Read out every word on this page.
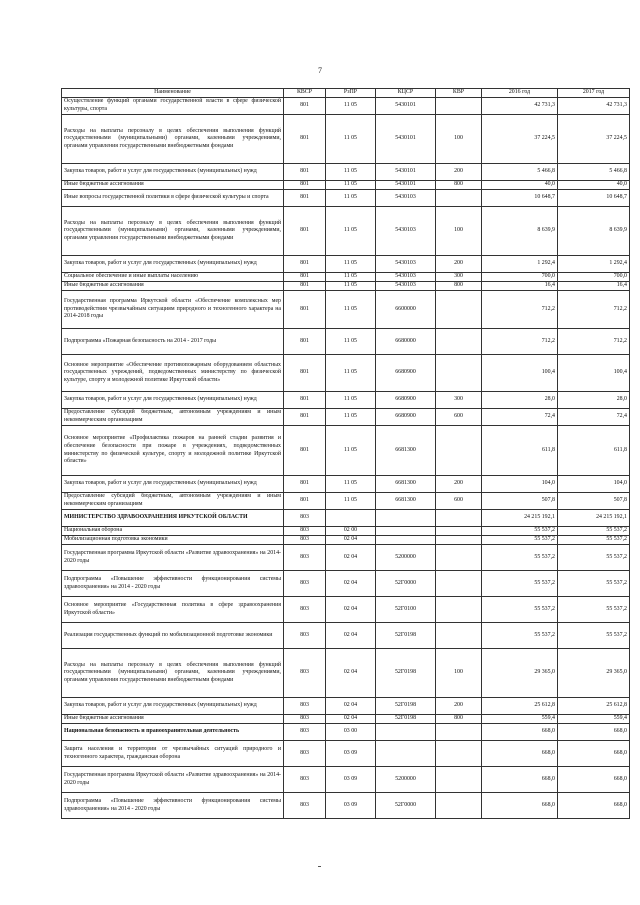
7
Наименование	КВСР	РзПР	КЦСР	КВР	2016 год	2017 год
Осуществление функций органами государственной власти в сфере физической культуры, спорта	801	11 05	5430101		42 731,3	42 731,3
Расходы на выплаты персоналу в целях обеспечения выполнения функций государственными (муниципальными) органами, казенными учреждениями, органами управления государственными внебюджетными фондами	801	11 05	5430101	100	37 224,5	37 224,5
Закупка товаров, работ и услуг для государственных (муниципальных) нужд	801	11 05	5430101	200	5 466,8	5 466,8
Иные бюджетные ассигнования	801	11 05	5430101	800	40,0	40,0
Иные вопросы государственной политики в сфере физической культуры и спорта	801	11 05	5430103		10 648,7	10 648,7
Расходы на выплаты персоналу в целях обеспечения выполнения функций государственными (муниципальными) органами, казенными учреждениями, органами управления государственными внебюджетными фондами	801	11 05	5430103	100	8 639,9	8 639,9
Закупка товаров, работ и услуг для государственных (муниципальных) нужд	801	11 05	5430103	200	1 292,4	1 292,4
Социальное обеспечение и иные выплаты населению	801	11 05	5430103	300	700,0	700,0
Иные бюджетные ассигнования	801	11 05	5430103	800	16,4	16,4
Государственная программа Иркутской области «Обеспечение комплексных мер противодействия чрезвычайным ситуациям природного и техногенного характера на 2014-2018 годы	801	11 05	6600000		712,2	712,2
Подпрограмма «Пожарная безопасность на 2014 - 2017 годы	801	11 05	6680000		712,2	712,2
Основное мероприятие «Обеспечение противопожарным оборудованием областных государственных учреждений, подведомственных министерству по физической культуре, спорту и молодежной политике Иркутской области»	801	11 05	6680900		100,4	100,4
Закупка товаров, работ и услуг для государственных (муниципальных) нужд	801	11 05	6680900	300	28,0	28,0
Предоставление субсидий бюджетным, автономным учреждениям и иным некоммерческим организациям	801	11 05	6680900	600	72,4	72,4
Основное мероприятие «Профилактика пожаров на ранней стадии развития и обеспечение безопасности при пожаре в учреждениях, подведомственных министерству по физической культуре, спорту и молодежной политике Иркутской области»	801	11 05	6681300		611,8	611,8
Закупка товаров, работ и услуг для государственных (муниципальных) нужд	801	11 05	6681300	200	104,0	104,0
Предоставление субсидий бюджетным, автономным учреждениям и иным некоммерческим организациям	801	11 05	6681300	600	507,8	507,8
МИНИСТЕРСТВО ЗДРАВООХРАНЕНИЯ ИРКУТСКОЙ ОБЛАСТИ	803				24 215 192,1	24 215 192,1
Национальная оборона	803	02 00			55 537,2	55 537,2
Мобилизационная подготовка экономики	803	02 04			55 537,2	55 537,2
Государственная программа Иркутской области «Развитие здравоохранения» на 2014-2020 годы	803	02 04	5200000		55 537,2	55 537,2
Подпрограмма «Повышение эффективности функционирования системы здравоохранения» на 2014 - 2020 годы	803	02 04	52Г0000		55 537,2	55 537,2
Основное мероприятие «Государственная политика в сфере здравоохранения Иркутской области»	803	02 04	52Г0100		55 537,2	55 537,2
Реализация государственных функций по мобилизационной подготовке экономики	803	02 04	52Г0198		55 537,2	55 537,2
Расходы на выплаты персоналу в целях обеспечения выполнения функций государственными (муниципальными) органами, казенными учреждениями, органами управления государственными внебюджетными фондами	803	02 04	52Г0198	100	29 365,0	29 365,0
Закупка товаров, работ и услуг для государственных (муниципальных) нужд	803	02 04	52Г0198	200	25 612,8	25 612,8
Иные бюджетные ассигнования	803	02 04	52Г0198	800	559,4	559,4
Национальная безопасность и правоохранительная деятельность	803	03 00			668,0	668,0
Защита населения и территории от чрезвычайных ситуаций природного и техногенного характера, гражданская оборона	803	03 09			668,0	668,0
Государственная программа Иркутской области «Развитие здравоохранения» на 2014-2020 годы	803	03 09	5200000		668,0	668,0
Подпрограмма «Повышение эффективности функционирования системы здравоохранения» на 2014 - 2020 годы	803	03 09	52Г0000		668,0	668,0
